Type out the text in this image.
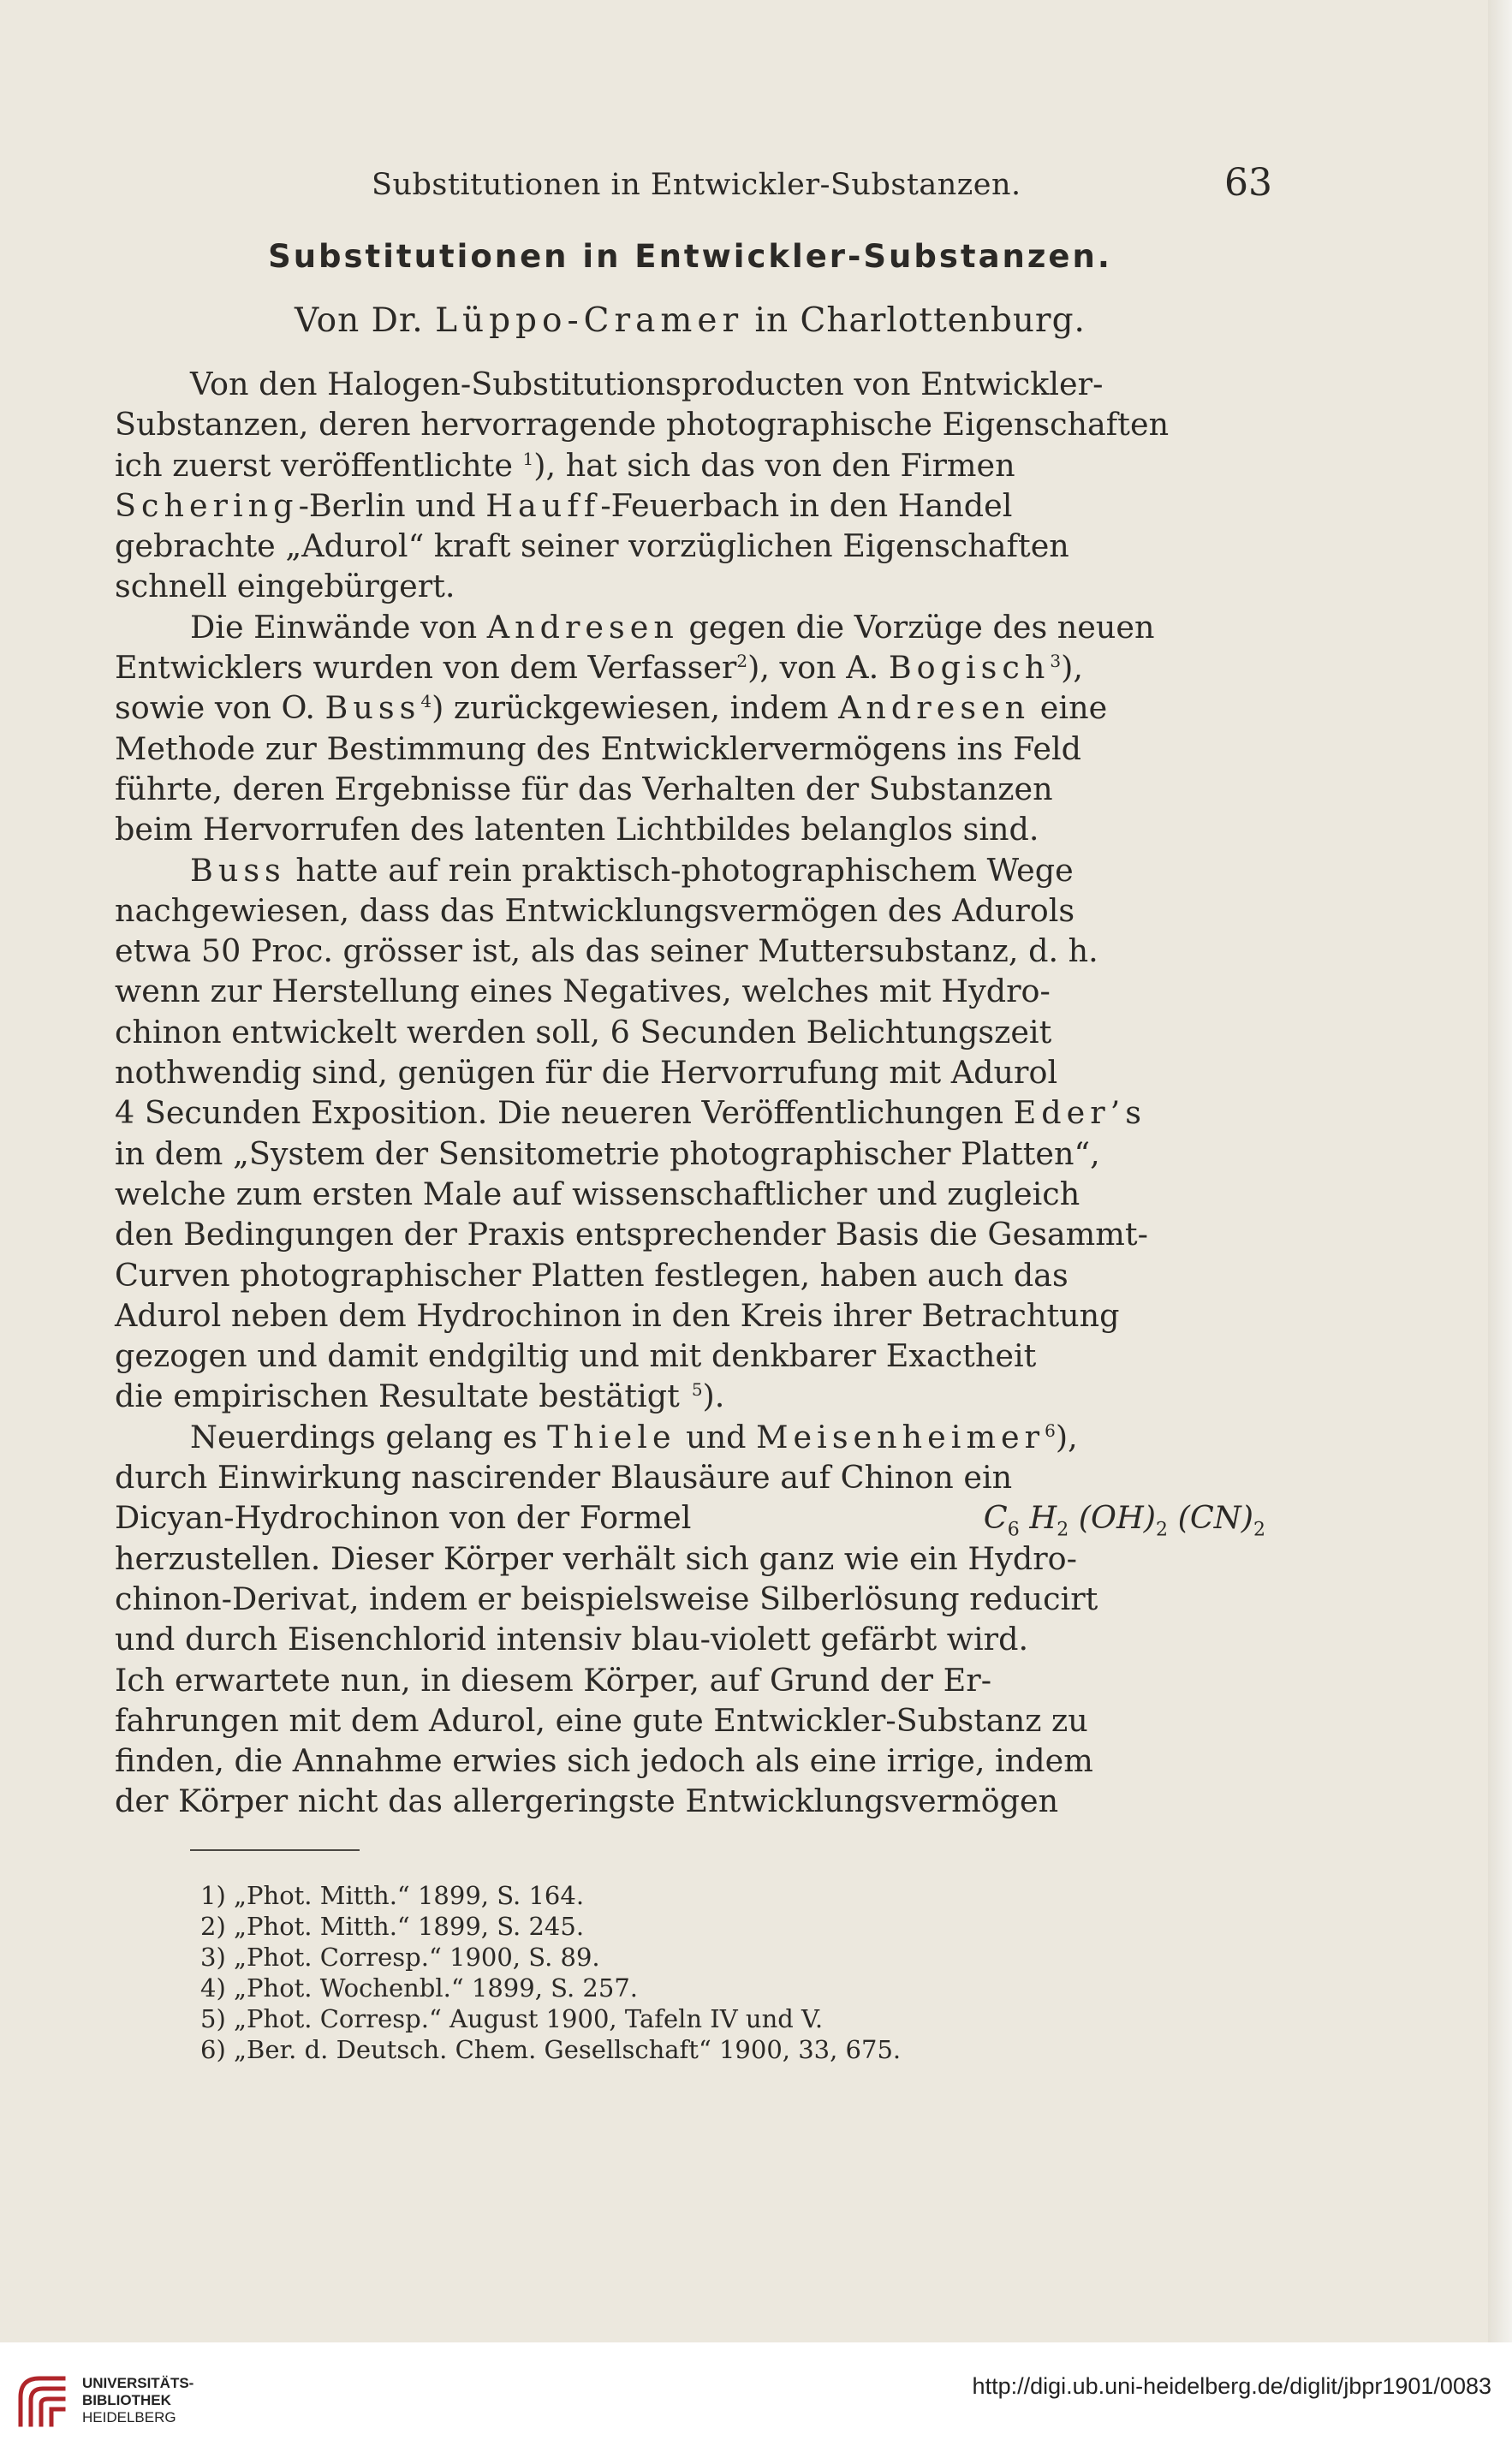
Substitutionen in Entwickler-Substanzen.	63
Substitutionen in Entwickler-Substanzen.
Von Dr. Lüppo-Cramer in Charlottenburg.
Von den Halogen-Substitutionsproducten von Entwickler-
Substanzen, deren hervorragende photographische Eigenschaften
ich zuerst veröffentlichte $^1$), hat sich das von den Firmen
Schering-Berlin und Hauff-Feuerbach in den Handel
gebrachte „Adurol“ kraft seiner vorzüglichen Eigenschaften
schnell eingebürgert.
Die Einwände von Andresen gegen die Vorzüge des neuen
Entwicklers wurden von dem Verfasser$^2$), von A. Bogisch$^3$),
sowie von O. Buss$^4$) zurückgewiesen, indem Andresen eine
Methode zur Bestimmung des Entwicklervermögens ins Feld
führte, deren Ergebnisse für das Verhalten der Substanzen
beim Hervorrufen des latenten Lichtbildes belanglos sind.
Buss hatte auf rein praktisch-photographischem Wege
nachgewiesen, dass das Entwicklungsvermögen des Adurols
etwa 50 Proc. grösser ist, als das seiner Muttersubstanz, d. h.
wenn zur Herstellung eines Negatives, welches mit Hydro-
chinon entwickelt werden soll, 6 Secunden Belichtungszeit
nothwendig sind, genügen für die Hervorrufung mit Adurol
4 Secunden Exposition. Die neueren Veröffentlichungen Eder’s
in dem „System der Sensitometrie photographischer Platten“,
welche zum ersten Male auf wissenschaftlicher und zugleich
den Bedingungen der Praxis entsprechender Basis die Gesammt-
Curven photographischer Platten festlegen, haben auch das
Adurol neben dem Hydrochinon in den Kreis ihrer Betrachtung
gezogen und damit endgiltig und mit denkbarer Exactheit
die empirischen Resultate bestätigt $^5$).
Neuerdings gelang es Thiele und Meisenheimer$^6$),
durch Einwirkung nascirender Blausäure auf Chinon ein
Dicyan-Hydrochinon von der Formel	$C_6$ $H_2$ $(OH)_2$ $(CN)_2$
herzustellen. Dieser Körper verhält sich ganz wie ein Hydro-
chinon-Derivat, indem er beispielsweise Silberlösung reducirt
und durch Eisenchlorid intensiv blau-violett gefärbt wird.
Ich erwartete nun, in diesem Körper, auf Grund der Er-
fahrungen mit dem Adurol, eine gute Entwickler-Substanz zu
finden, die Annahme erwies sich jedoch als eine irrige, indem
der Körper nicht das allergeringste Entwicklungsvermögen
1) „Phot. Mitth.“ 1899, S. 164.
2) „Phot. Mitth.“ 1899, S. 245.
3) „Phot. Corresp.“ 1900, S. 89.
4) „Phot. Wochenbl.“ 1899, S. 257.
5) „Phot. Corresp.“ August 1900, Tafeln IV und V.
6) „Ber. d. Deutsch. Chem. Gesellschaft“ 1900, 33, 675.
UNIVERSITÄTS-
BIBLIOTHEK
HEIDELBERG
http://digi.ub.uni-heidelberg.de/diglit/jbpr1901/0083
